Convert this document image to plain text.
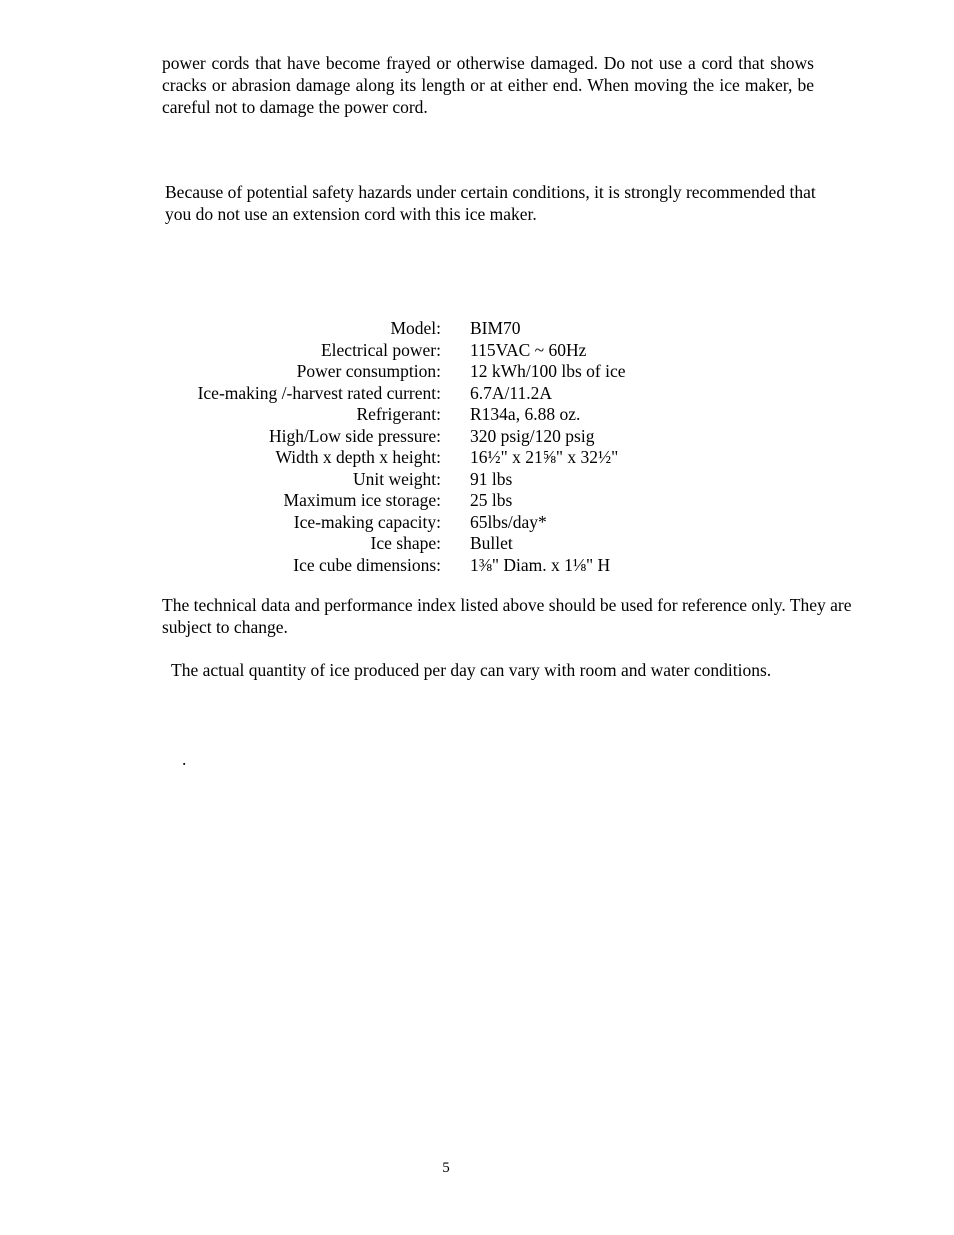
power cords that have become frayed or otherwise damaged. Do not use a cord that shows cracks or abrasion damage along its length or at either end. When moving the ice maker, be careful not to damage the power cord.

Because of potential safety hazards under certain conditions, it is strongly recommended that you do not use an extension cord with this ice maker.

Model: BIM70
Electrical power: 115VAC ~ 60Hz
Power consumption: 12 kWh/100 lbs of ice
Ice-making /-harvest rated current: 6.7A/11.2A
Refrigerant: R134a, 6.88 oz.
High/Low side pressure: 320 psig/120 psig
Width x depth x height: 16½" x 21⅝" x 32½"
Unit weight: 91 lbs
Maximum ice storage: 25 lbs
Ice-making capacity: 65lbs/day*
Ice shape: Bullet
Ice cube dimensions: 1⅜" Diam. x 1⅛" H

The technical data and performance index listed above should be used for reference only. They are subject to change.

The actual quantity of ice produced per day can vary with room and water conditions.

.
5
